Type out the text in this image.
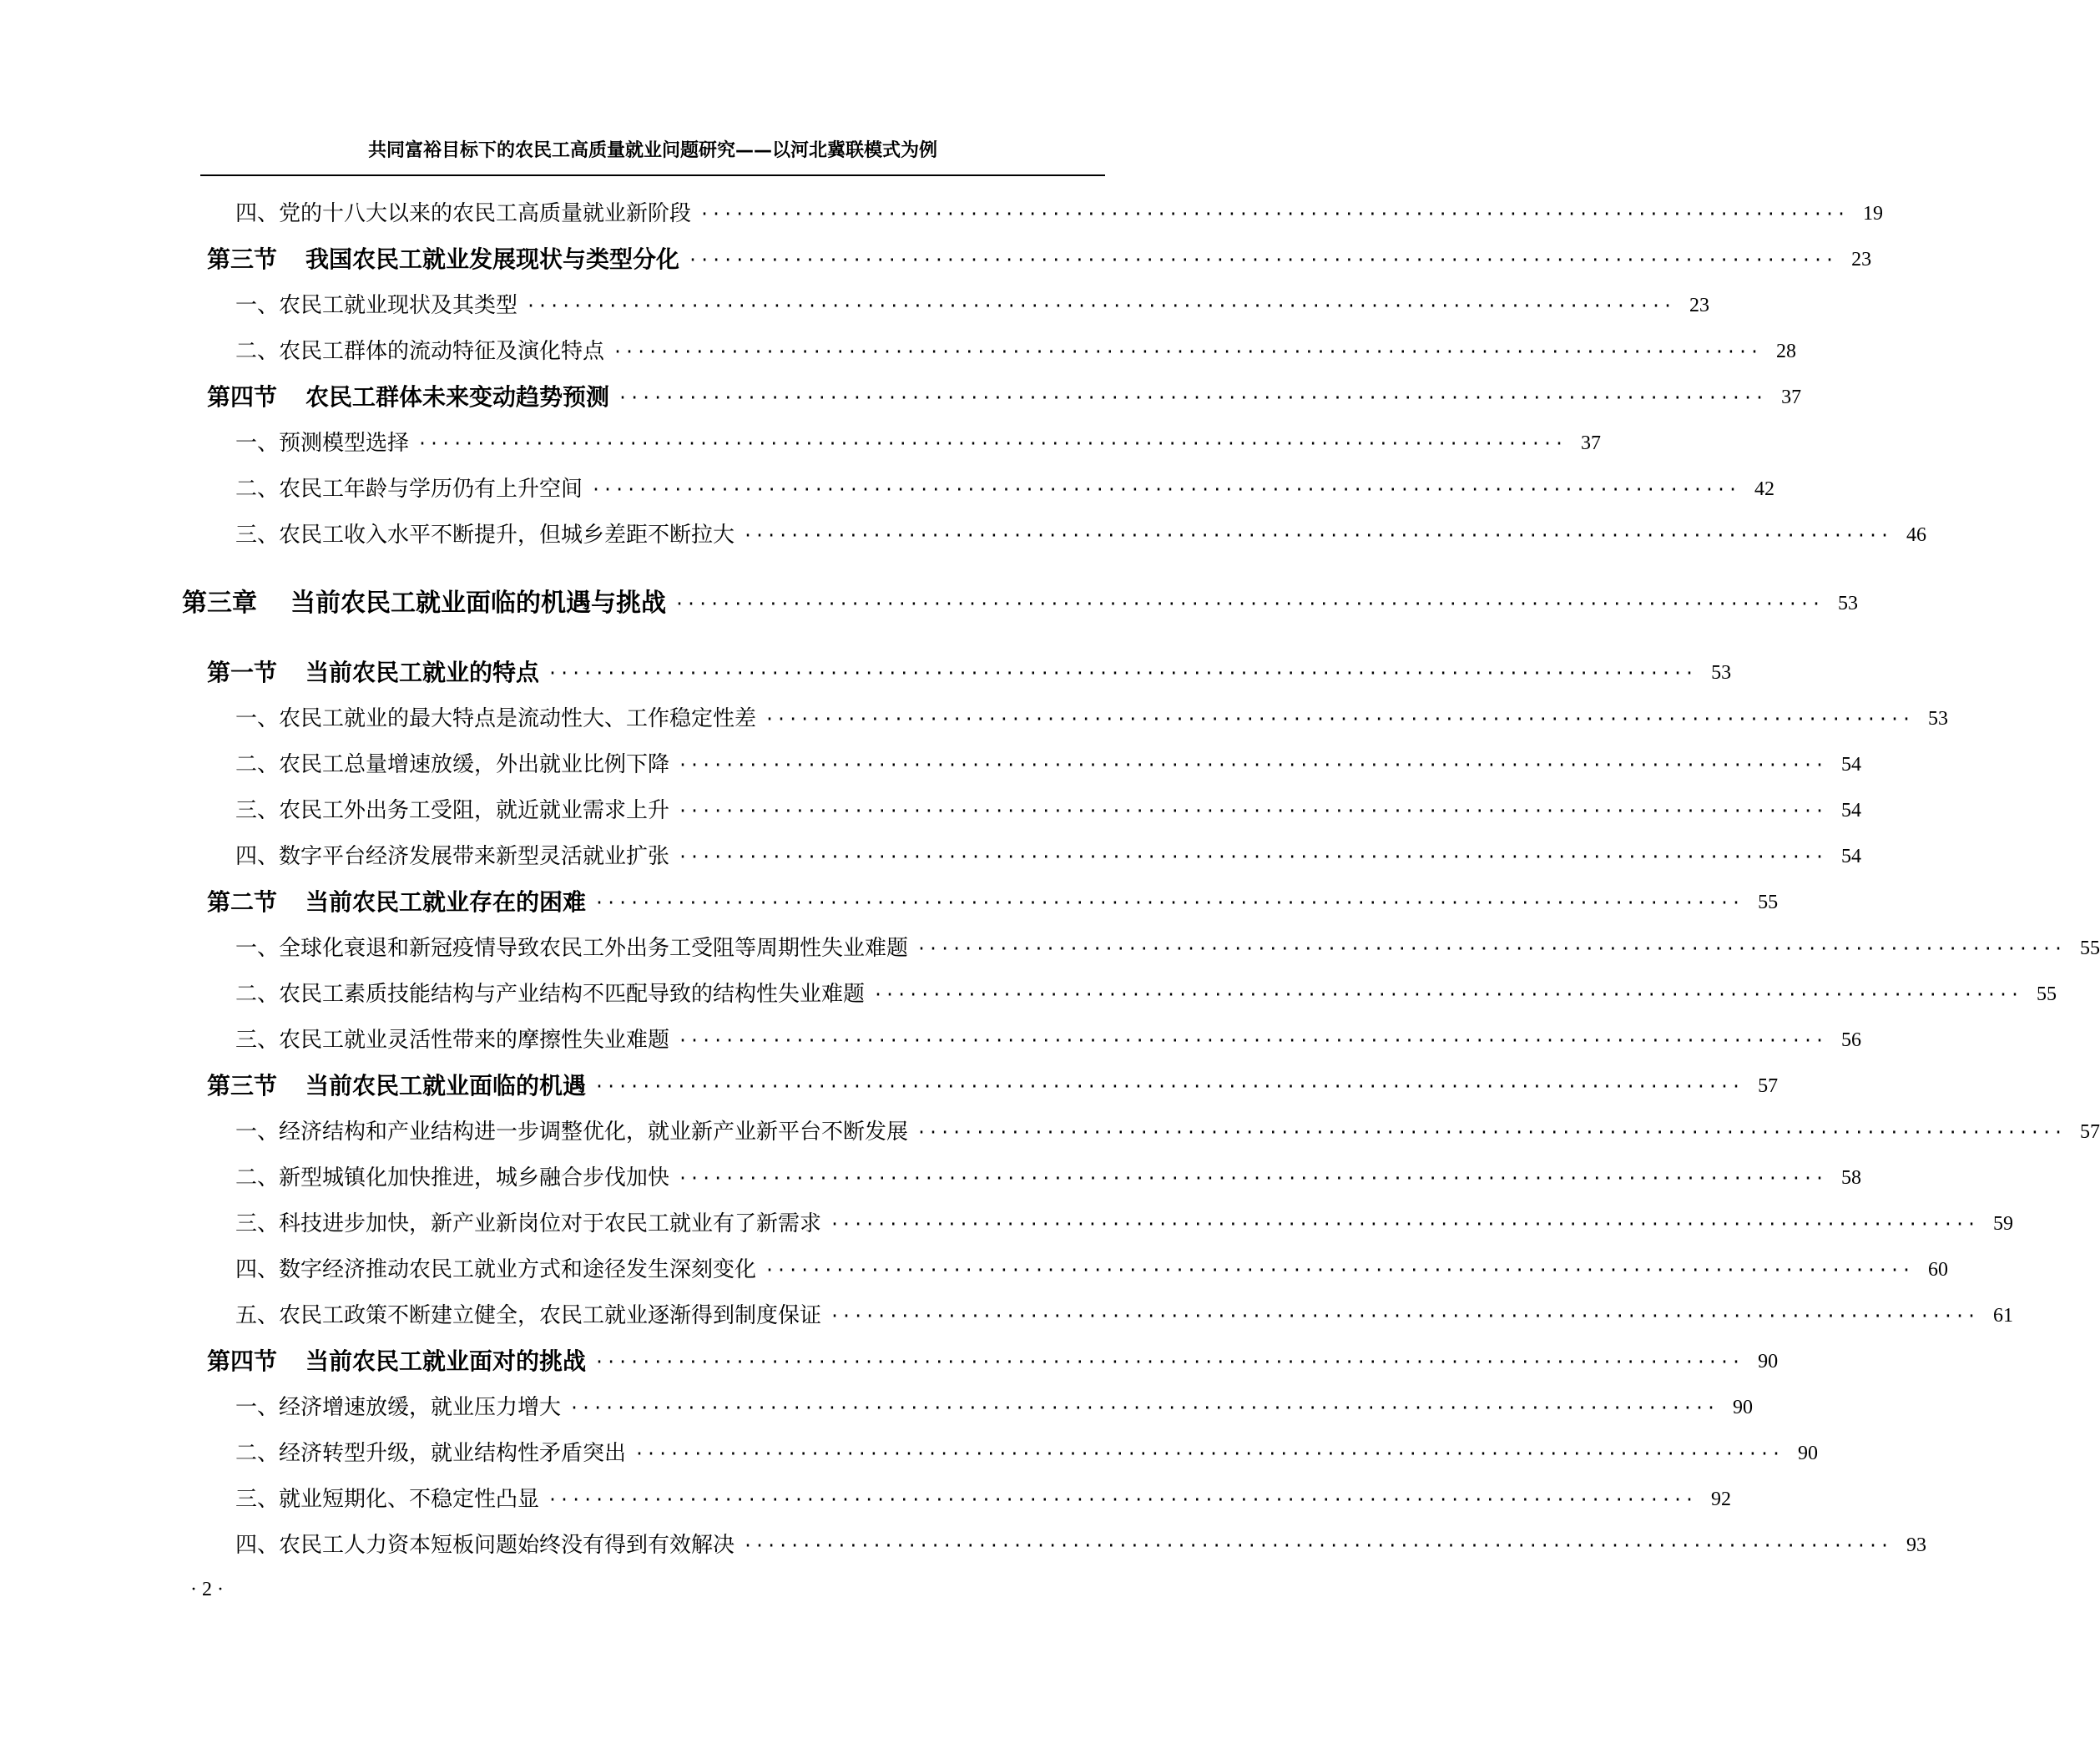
共同富裕目标下的农民工高质量就业问题研究——以河北冀联模式为例
四、党的十八大以来的农民工高质量就业新阶段 ·································································································· 19
第三节 我国农民工就业发展现状与类型分化 ·································································································· 23
一、农民工就业现状及其类型 ·································································································· 23
二、农民工群体的流动特征及演化特点 ·································································································· 28
第四节 农民工群体未来变动趋势预测 ·································································································· 37
一、预测模型选择 ·································································································· 37
二、农民工年龄与学历仍有上升空间 ·································································································· 42
三、农民工收入水平不断提升，但城乡差距不断拉大 ·································································································· 46
第三章 当前农民工就业面临的机遇与挑战 ·································································································· 53
第一节 当前农民工就业的特点 ·································································································· 53
一、农民工就业的最大特点是流动性大、工作稳定性差 ·································································································· 53
二、农民工总量增速放缓，外出就业比例下降 ·································································································· 54
三、农民工外出务工受阻，就近就业需求上升 ·································································································· 54
四、数字平台经济发展带来新型灵活就业扩张 ·································································································· 54
第二节 当前农民工就业存在的困难 ·································································································· 55
一、全球化衰退和新冠疫情导致农民工外出务工受阻等周期性失业难题 ·································································································· 55
二、农民工素质技能结构与产业结构不匹配导致的结构性失业难题 ·································································································· 55
三、农民工就业灵活性带来的摩擦性失业难题 ·································································································· 56
第三节 当前农民工就业面临的机遇 ·································································································· 57
一、经济结构和产业结构进一步调整优化，就业新产业新平台不断发展 ·································································································· 57
二、新型城镇化加快推进，城乡融合步伐加快 ·································································································· 58
三、科技进步加快，新产业新岗位对于农民工就业有了新需求 ·································································································· 59
四、数字经济推动农民工就业方式和途径发生深刻变化 ·································································································· 60
五、农民工政策不断建立健全，农民工就业逐渐得到制度保证 ·································································································· 61
第四节 当前农民工就业面对的挑战 ·································································································· 90
一、经济增速放缓，就业压力增大 ·································································································· 90
二、经济转型升级，就业结构性矛盾突出 ·································································································· 90
三、就业短期化、不稳定性凸显 ·································································································· 92
四、农民工人力资本短板问题始终没有得到有效解决 ·································································································· 93
· 2 ·
